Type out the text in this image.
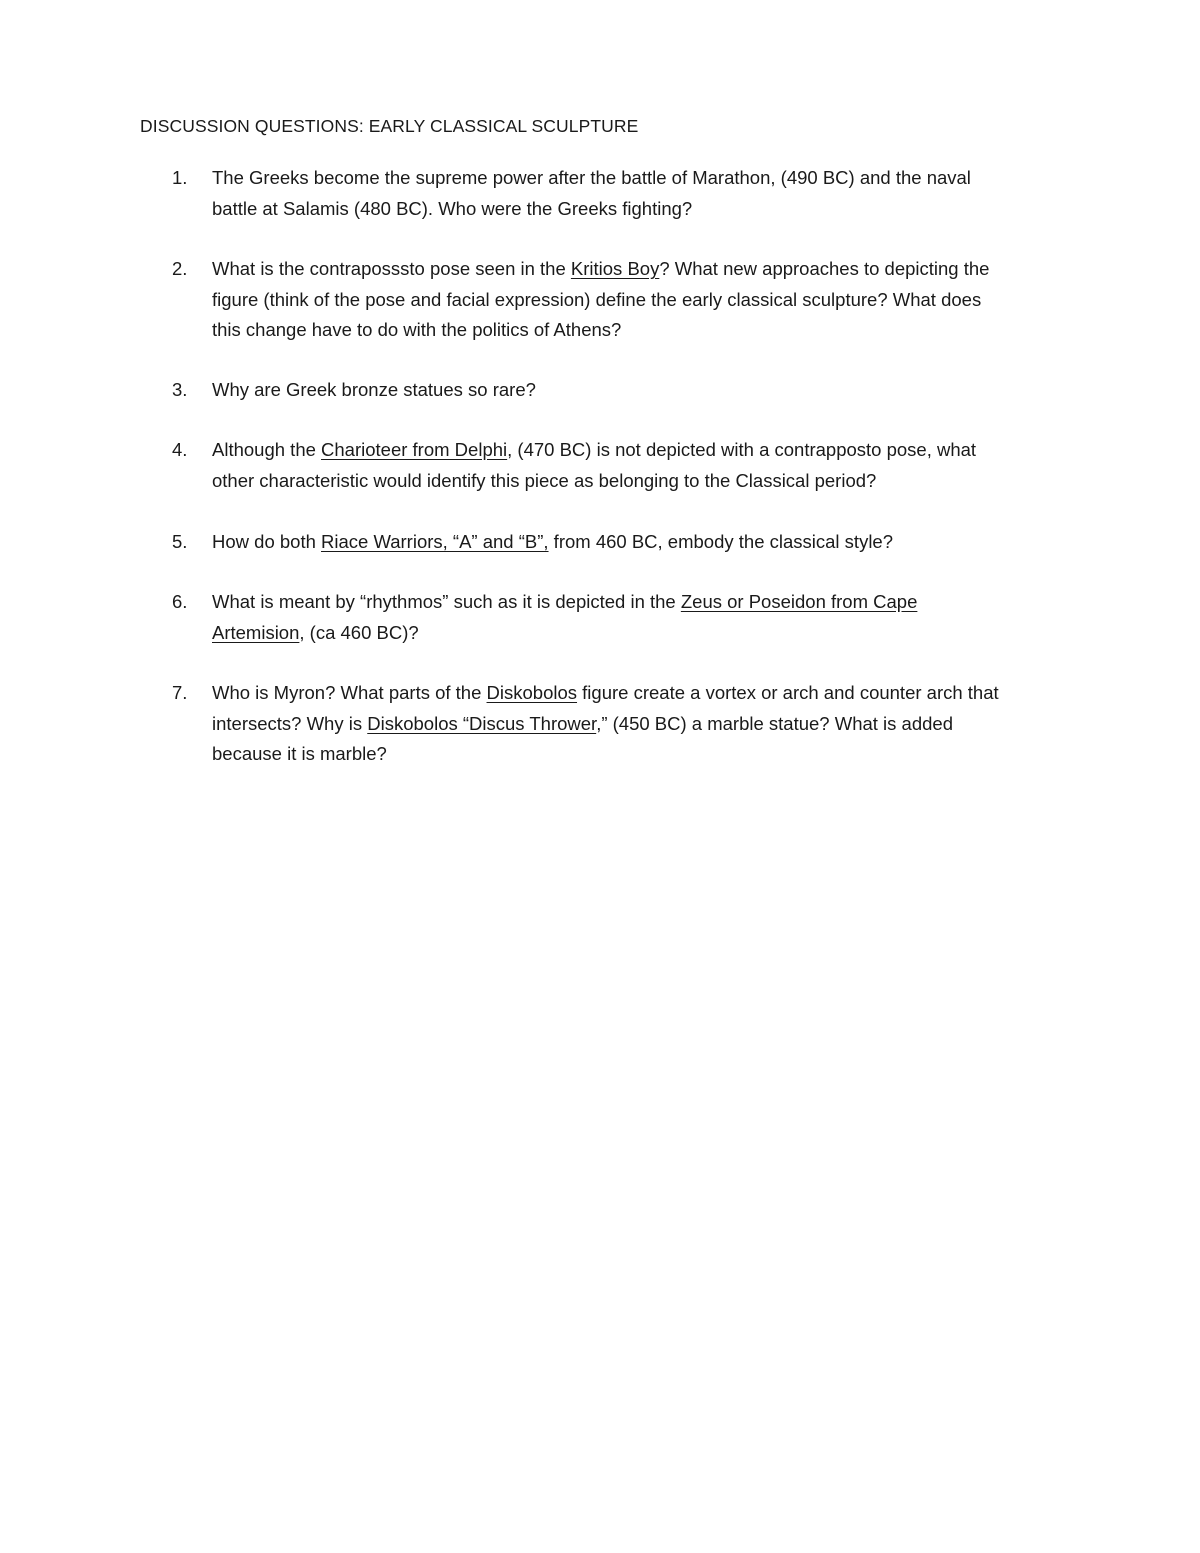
DISCUSSION QUESTIONS: EARLY CLASSICAL SCULPTURE
1. The Greeks become the supreme power after the battle of Marathon, (490 BC) and the naval
battle at Salamis (480 BC). Who were the Greeks fighting?
2. What is the contraposssto pose seen in the Kritios Boy? What new approaches to depicting the
figure (think of the pose and facial expression) define the early classical sculpture? What does
this change have to do with the politics of Athens?
3. Why are Greek bronze statues so rare?
4. Although the Charioteer from Delphi, (470 BC) is not depicted with a contrapposto pose, what
other characteristic would identify this piece as belonging to the Classical period?
5. How do both Riace Warriors, “A” and “B”, from 460 BC, embody the classical style?
6. What is meant by “rhythmos” such as it is depicted in the Zeus or Poseidon from Cape
Artemision, (ca 460 BC)?
7. Who is Myron? What parts of the Diskobolos figure create a vortex or arch and counter arch that
intersects? Why is Diskobolos “Discus Thrower,” (450 BC) a marble statue? What is added
because it is marble?
